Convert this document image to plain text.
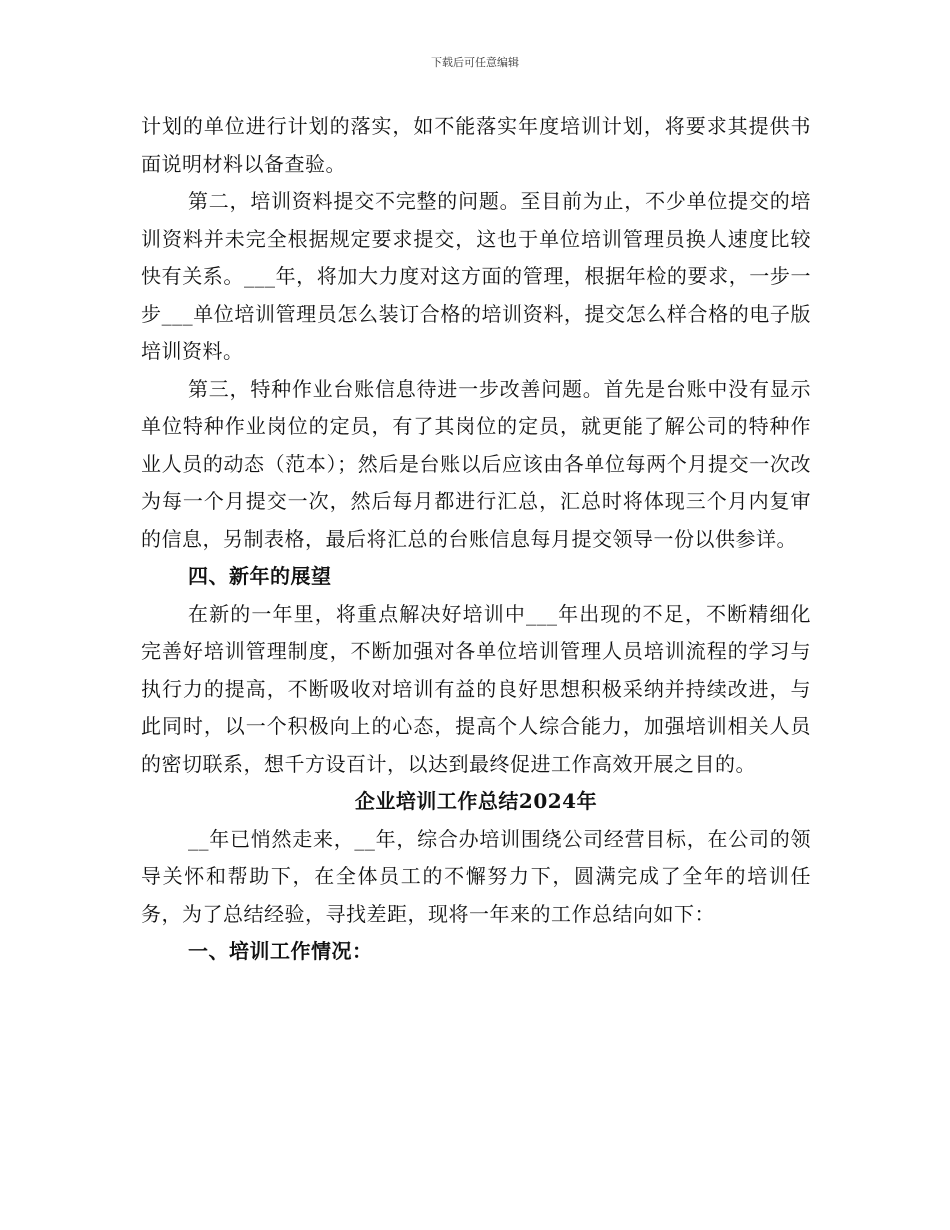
下载后可任意编辑

计划的单位进行计划的落实，如不能落实年度培训计划，将要求其提供书面说明材料以备查验。

第二，培训资料提交不完整的问题。至目前为止，不少单位提交的培训资料并未完全根据规定要求提交，这也于单位培训管理员换人速度比较快有关系。___年，将加大力度对这方面的管理，根据年检的要求，一步一步___单位培训管理员怎么装订合格的培训资料，提交怎么样合格的电子版培训资料。

第三，特种作业台账信息待进一步改善问题。首先是台账中没有显示单位特种作业岗位的定员，有了其岗位的定员，就更能了解公司的特种作业人员的动态（范本）；然后是台账以后应该由各单位每两个月提交一次改为每一个月提交一次，然后每月都进行汇总，汇总时将体现三个月内复审的信息，另制表格，最后将汇总的台账信息每月提交领导一份以供参详。

四、新年的展望

在新的一年里，将重点解决好培训中___年出现的不足，不断精细化完善好培训管理制度，不断加强对各单位培训管理人员培训流程的学习与执行力的提高，不断吸收对培训有益的良好思想积极采纳并持续改进，与此同时，以一个积极向上的心态，提高个人综合能力，加强培训相关人员的密切联系，想千方设百计，以达到最终促进工作高效开展之目的。

企业培训工作总结2024年

__年已悄然走来，__年，综合办培训围绕公司经营目标，在公司的领导关怀和帮助下，在全体员工的不懈努力下，圆满完成了全年的培训任务，为了总结经验，寻找差距，现将一年来的工作总结向如下：

一、培训工作情况：
